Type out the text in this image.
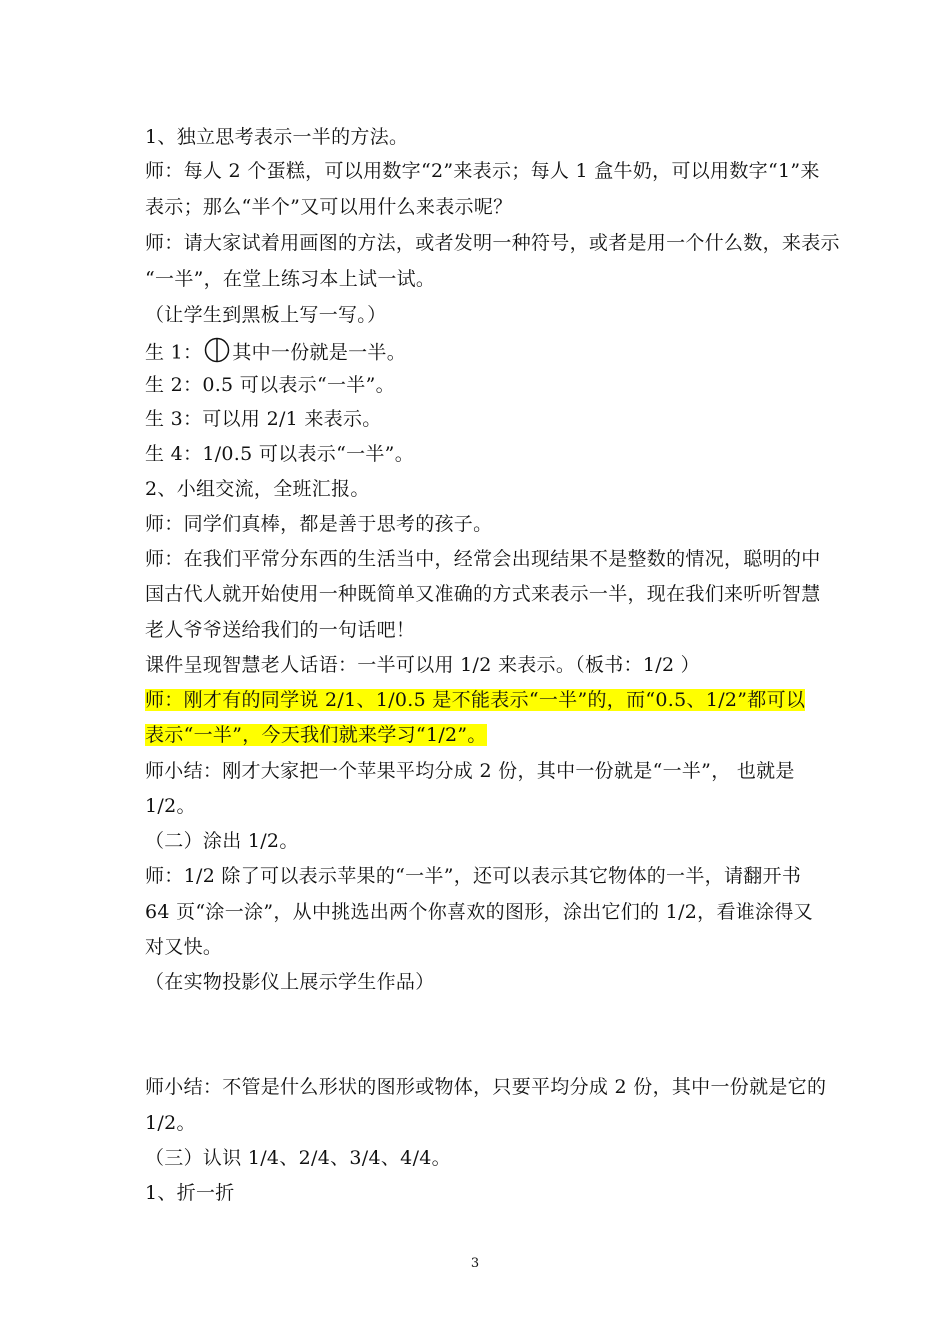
1、独立思考表示一半的方法。
师：每人 2 个蛋糕，可以用数字“2”来表示；每人 1 盒牛奶，可以用数字“1”来
表示；那么“半个”又可以用什么来表示呢？
师：请大家试着用画图的方法，或者发明一种符号，或者是用一个什么数，来表示
“一半”，在堂上练习本上试一试。
（让学生到黑板上写一写。）
生 1： 其中一份就是一半。
生 2：0.5 可以表示“一半”。
生 3：可以用 2/1 来表示。
生 4：1/0.5 可以表示“一半”。
2、小组交流，全班汇报。
师：同学们真棒，都是善于思考的孩子。
师：在我们平常分东西的生活当中，经常会出现结果不是整数的情况，聪明的中
国古代人就开始使用一种既简单又准确的方式来表示一半，现在我们来听听智慧
老人爷爷送给我们的一句话吧！
课件呈现智慧老人话语：一半可以用 1/2 来表示。（板书：1/2 ）
师：刚才有的同学说 2/1、1/0.5 是不能表示“一半”的，而“0.5、1/2”都可以
表示“一半”，今天我们就来学习“1/2”。
师小结：刚才大家把一个苹果平均分成 2 份，其中一份就是“一半”， 也就是
1/2。
（二）涂出 1/2。
师：1/2 除了可以表示苹果的“一半”，还可以表示其它物体的一半，请翻开书
64 页“涂一涂”，从中挑选出两个你喜欢的图形，涂出它们的 1/2，看谁涂得又
对又快。
（在实物投影仪上展示学生作品）
师小结：不管是什么形状的图形或物体，只要平均分成 2 份，其中一份就是它的
1/2。
（三）认识 1/4、2/4、3/4、4/4。
1、折一折
3
